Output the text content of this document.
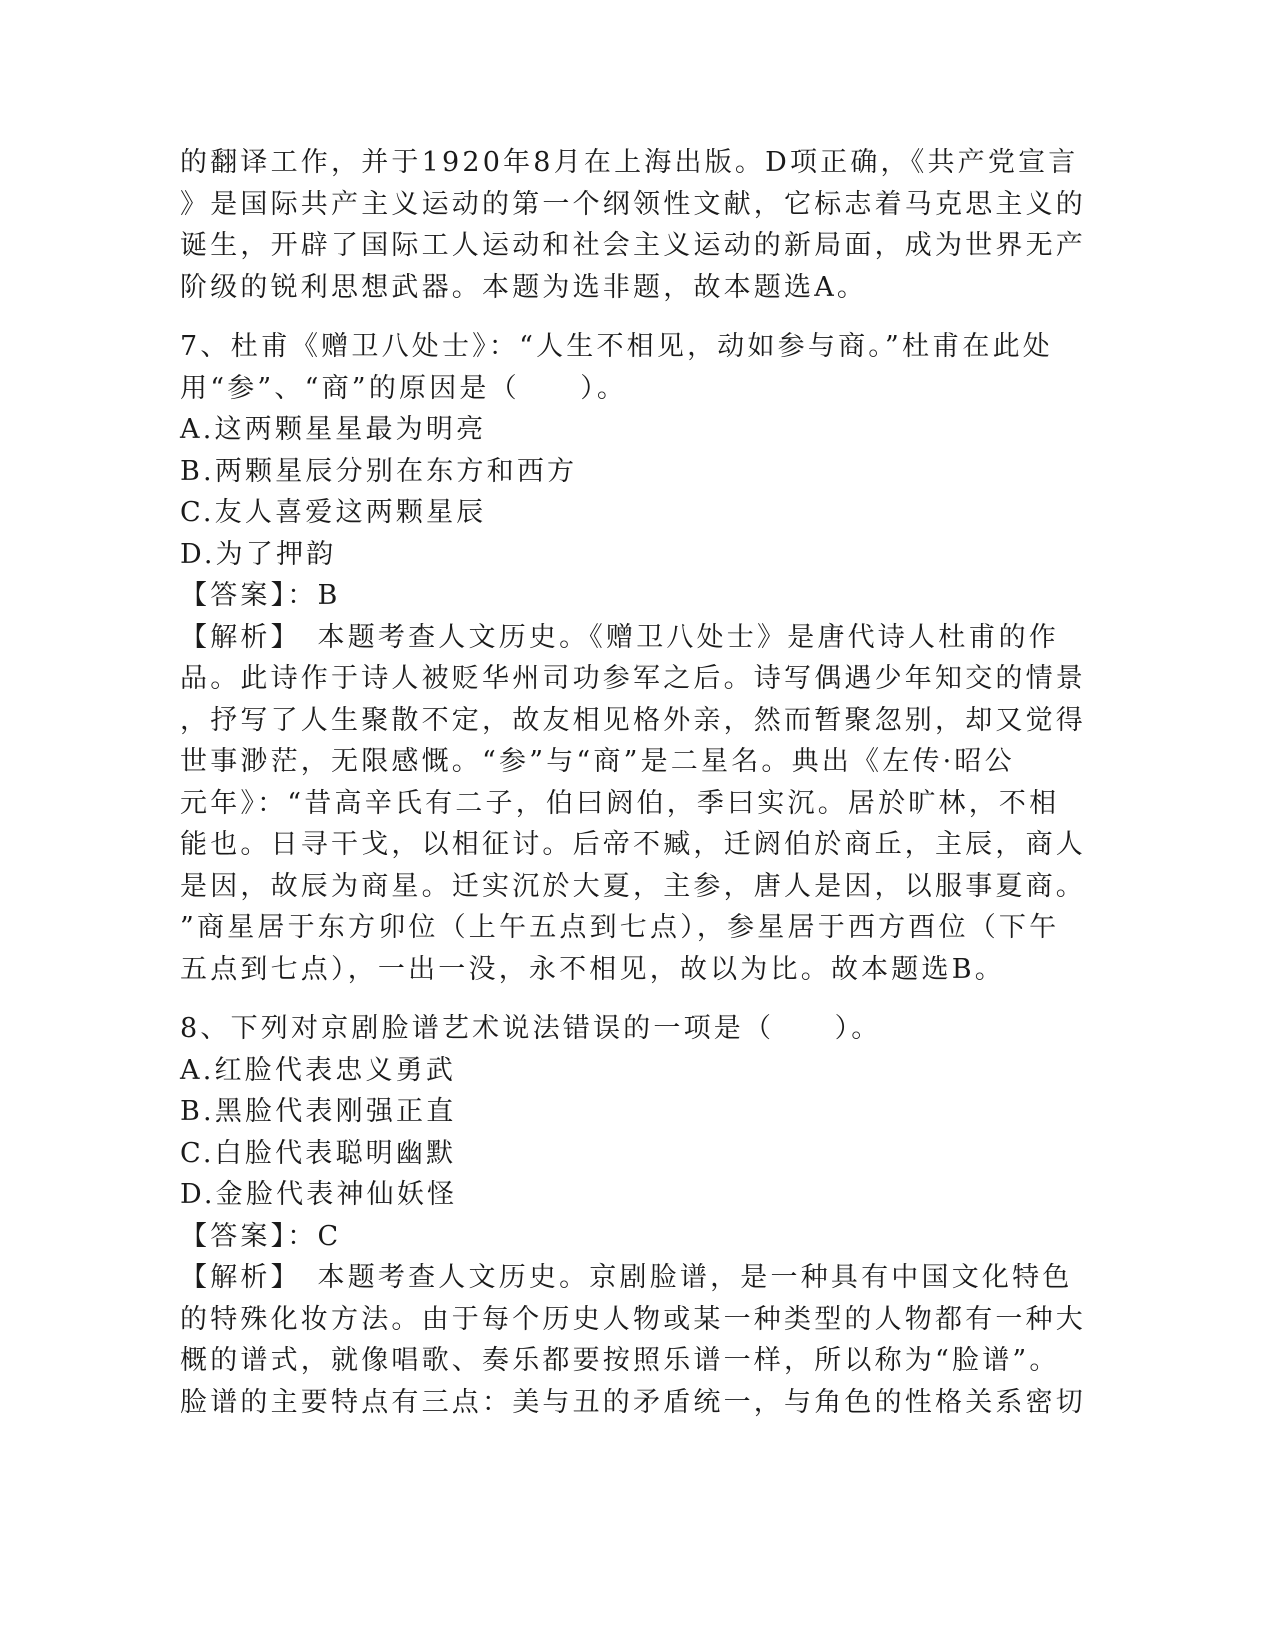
的翻译工作，并于1920年8月在上海出版。D项正确，《共产党宣言
》是国际共产主义运动的第一个纲领性文献，它标志着马克思主义的
诞生，开辟了国际工人运动和社会主义运动的新局面，成为世界无产
阶级的锐利思想武器。本题为选非题，故本题选A。
7、杜甫《赠卫八处士》：“人生不相见，动如参与商。”杜甫在此处
用“参”、“商”的原因是（　　）。
A.这两颗星星最为明亮
B.两颗星辰分别在东方和西方
C.友人喜爱这两颗星辰
D.为了押韵
【答案】：B
【解析】　本题考查人文历史。《赠卫八处士》是唐代诗人杜甫的作
品。此诗作于诗人被贬华州司功参军之后。诗写偶遇少年知交的情景
，抒写了人生聚散不定，故友相见格外亲，然而暂聚忽别，却又觉得
世事渺茫，无限感慨。“参”与“商”是二星名。典出《左传·昭公
元年》：“昔高辛氏有二子，伯曰阏伯，季曰实沉。居於旷林，不相
能也。日寻干戈，以相征讨。后帝不臧，迁阏伯於商丘，主辰，商人
是因，故辰为商星。迁实沉於大夏，主参，唐人是因，以服事夏商。
”商星居于东方卯位（上午五点到七点），参星居于西方酉位（下午
五点到七点），一出一没，永不相见，故以为比。故本题选B。
8、下列对京剧脸谱艺术说法错误的一项是（　　）。
A.红脸代表忠义勇武
B.黑脸代表刚强正直
C.白脸代表聪明幽默
D.金脸代表神仙妖怪
【答案】：C
【解析】　本题考查人文历史。京剧脸谱，是一种具有中国文化特色
的特殊化妆方法。由于每个历史人物或某一种类型的人物都有一种大
概的谱式，就像唱歌、奏乐都要按照乐谱一样，所以称为“脸谱”。
脸谱的主要特点有三点：美与丑的矛盾统一，与角色的性格关系密切
